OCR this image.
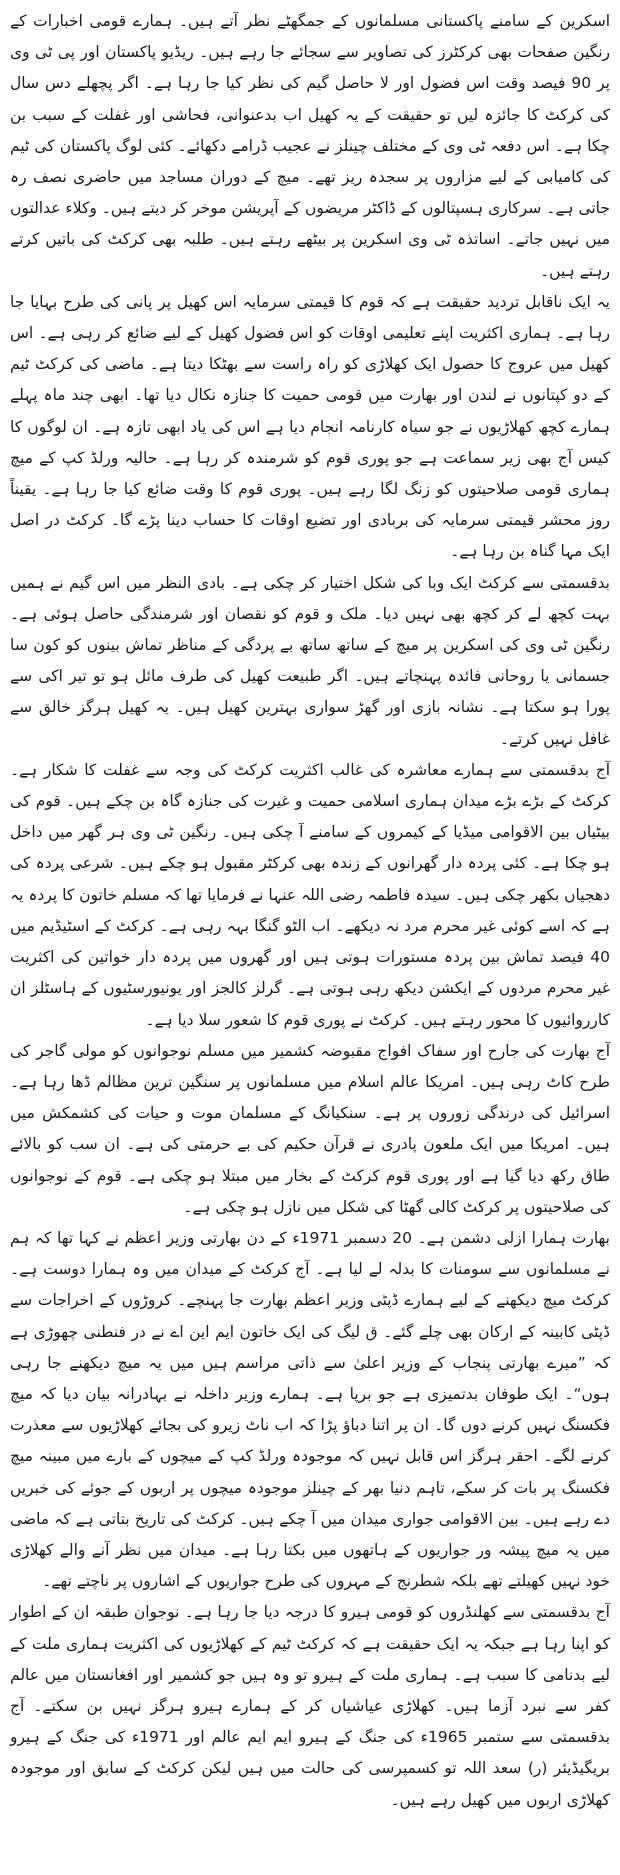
اسکرین کے سامنے پاکستانی مسلمانوں کے جمگھٹے نظر آتے ہیں۔ ہمارے قومی اخبارات کے رنگین صفحات بھی کرکٹرز کی تصاویر سے سجائے جا رہے ہیں۔ ریڈیو پاکستان اور پی ٹی وی پر 90 فیصد وقت اس فضول اور لا حاصل گیم کی نظر کیا جا رہا ہے۔ اگر پچھلے دس سال کی کرکٹ کا جائزہ لیں تو حقیقت کے یہ کھیل اب بدعنوانی، فحاشی اور غفلت کے سبب بن چکا ہے۔ اس دفعہ ٹی وی کے مختلف چینلز نے عجیب ڈرامے دکھائے۔ کئی لوگ پاکستان کی ٹیم کی کامیابی کے لیے مزاروں پر سجدہ ریز تھے۔ میچ کے دوران مساجد میں حاضری نصف رہ جاتی ہے۔ سرکاری ہسپتالوں کے ڈاکٹر مریضوں کے آپریشن موخر کر دیتے ہیں۔ وکلاء عدالتوں میں نہیں جاتے۔ اساتذہ ٹی وی اسکرین پر بیٹھے رہتے ہیں۔ طلبہ بھی کرکٹ کی باتیں کرتے رہتے ہیں۔

یہ ایک ناقابل تردید حقیقت ہے کہ قوم کا قیمتی سرمایہ اس کھیل پر پانی کی طرح بہایا جا رہا ہے۔ ہماری اکثریت اپنے تعلیمی اوقات کو اس فضول کھیل کے لیے ضائع کر رہی ہے۔ اس کھیل میں عروج کا حصول ایک کھلاڑی کو راہ راست سے بھٹکا دیتا ہے۔ ماضی کی کرکٹ ٹیم کے دو کپتانوں نے لندن اور بھارت میں قومی حمیت کا جنازہ نکال دیا تھا۔ ابھی چند ماہ پہلے ہمارے کچھ کھلاڑیوں نے جو سیاہ کارنامہ انجام دیا ہے اس کی یاد ابھی تازہ ہے۔ ان لوگوں کا کیس آج بھی زیر سماعت ہے جو پوری قوم کو شرمندہ کر رہا ہے۔ حالیہ ورلڈ کپ کے میچ ہماری قومی صلاحیتوں کو زنگ لگا رہے ہیں۔ پوری قوم کا وقت ضائع کیا جا رہا ہے۔ یقیناً روز محشر قیمتی سرمایہ کی بربادی اور تضیع اوقات کا حساب دینا پڑے گا۔ کرکٹ در اصل ایک مہا گناہ بن رہا ہے۔

بدقسمتی سے کرکٹ ایک وبا کی شکل اختیار کر چکی ہے۔ بادی النظر میں اس گیم نے ہمیں بہت کچھ لے کر کچھ بھی نہیں دیا۔ ملک و قوم کو نقصان اور شرمندگی حاصل ہوئی ہے۔ رنگین ٹی وی کی اسکرین پر میچ کے ساتھ ساتھ بے پردگی کے مناظر تماش بینوں کو کون سا جسمانی یا روحانی فائدہ پہنچاتے ہیں۔ اگر طبیعت کھیل کی طرف مائل ہو تو تیر اکی سے پورا ہو سکتا ہے۔ نشانہ بازی اور گھڑ سواری بہترین کھیل ہیں۔ یہ کھیل ہرگز خالق سے غافل نہیں کرتے۔

آج بدقسمتی سے ہمارے معاشرہ کی غالب اکثریت کرکٹ کی وجہ سے غفلت کا شکار ہے۔ کرکٹ کے بڑے بڑے میدان ہماری اسلامی حمیت و غیرت کی جنازہ گاہ بن چکے ہیں۔ قوم کی بیٹیاں بین الاقوامی میڈیا کے کیمروں کے سامنے آ چکی ہیں۔ رنگین ٹی وی ہر گھر میں داخل ہو چکا ہے۔ کئی پردہ دار گھرانوں کے زندہ بھی کرکٹر مقبول ہو چکے ہیں۔ شرعی پردہ کی دھجیاں بکھر چکی ہیں۔ سیدہ فاطمہ رضی اللہ عنہا نے فرمایا تھا کہ مسلم خاتون کا پردہ یہ ہے کہ اسے کوئی غیر محرم مرد نہ دیکھے۔ اب الٹو گنگا بہہ رہی ہے۔ کرکٹ کے اسٹیڈیم میں 40 فیصد تماش بین پردہ مستورات ہوتی ہیں اور گھروں میں پردہ دار خواتین کی اکثریت غیر محرم مردوں کے ایکشن دیکھ رہی ہوتی ہے۔ گرلز کالجز اور یونیورسٹیوں کے ہاسٹلز ان کارروائیوں کا محور رہتے ہیں۔ کرکٹ نے پوری قوم کا شعور سلا دیا ہے۔

آج بھارت کی جارح اور سفاک افواج مقبوضہ کشمیر میں مسلم نوجوانوں کو مولی گاجر کی طرح کاٹ رہی ہیں۔ امریکا عالم اسلام میں مسلمانوں پر سنگین ترین مظالم ڈھا رہا ہے۔ اسرائیل کی درندگی زوروں پر ہے۔ سنکیانگ کے مسلمان موت و حیات کی کشمکش میں ہیں۔ امریکا میں ایک ملعون پادری نے قرآن حکیم کی بے حرمتی کی ہے۔ ان سب کو بالائے طاق رکھ دیا گیا ہے اور پوری قوم کرکٹ کے بخار میں مبتلا ہو چکی ہے۔ قوم کے نوجوانوں کی صلاحیتوں پر کرکٹ کالی گھٹا کی شکل میں نازل ہو چکی ہے۔

بھارت ہمارا ازلی دشمن ہے۔ 20 دسمبر 1971ء کے دن بھارتی وزیر اعظم نے کہا تھا کہ ہم نے مسلمانوں سے سومنات کا بدلہ لے لیا ہے۔ آج کرکٹ کے میدان میں وہ ہمارا دوست ہے۔ کرکٹ میچ دیکھنے کے لیے ہمارے ڈپٹی وزیر اعظم بھارت جا پہنچے۔ کروڑوں کے اخراجات سے ڈپٹی کابینہ کے ارکان بھی چلے گئے۔ ق لیگ کی ایک خاتون ایم این اے نے در فنطنی چھوڑی ہے کہ ”میرے بھارتی پنجاب کے وزیر اعلیٰ سے ذاتی مراسم ہیں میں یہ میچ دیکھنے جا رہی ہوں“۔ ایک طوفان بدتمیزی ہے جو برپا ہے۔ ہمارے وزیر داخلہ نے بہادرانہ بیان دیا کہ میچ فکسنگ نہیں کرنے دوں گا۔ ان پر اتنا دباؤ پڑا کہ اب ناٹ زیرو کی بجائے کھلاڑیوں سے معذرت کرنے لگے۔ احقر ہرگز اس قابل نہیں کہ موجودہ ورلڈ کپ کے میچوں کے بارے میں مبینہ میچ فکسنگ پر بات کر سکے، تاہم دنیا بھر کے چینلز موجودہ میچوں پر اربوں کے جوئے کی خبریں دے رہے ہیں۔ بین الاقوامی جواری میدان میں آ چکے ہیں۔ کرکٹ کی تاریخ بتاتی ہے کہ ماضی میں یہ میچ پیشہ ور جواریوں کے ہاتھوں میں بکتا رہا ہے۔ میدان میں نظر آنے والے کھلاڑی خود نہیں کھیلتے تھے بلکہ شطرنج کے مہروں کی طرح جواریوں کے اشاروں پر ناچتے تھے۔

آج بدقسمتی سے کھلنڈروں کو قومی ہیرو کا درجہ دیا جا رہا ہے۔ نوجوان طبقہ ان کے اطوار کو اپنا رہا ہے جبکہ یہ ایک حقیقت ہے کہ کرکٹ ٹیم کے کھلاڑیوں کی اکثریت ہماری ملت کے لیے بدنامی کا سبب ہے۔ ہماری ملت کے ہیرو تو وہ ہیں جو کشمیر اور افغانستان میں عالم کفر سے نبرد آزما ہیں۔ کھلاڑی عیاشیاں کر کے ہمارے ہیرو ہرگز نہیں بن سکتے۔ آج بدقسمتی سے ستمبر 1965ء کی جنگ کے ہیرو ایم ایم عالم اور 1971ء کی جنگ کے ہیرو بریگیڈیئر (ر) سعد اللہ تو کسمپرسی کی حالت میں ہیں لیکن کرکٹ کے سابق اور موجودہ کھلاڑی اربوں میں کھیل رہے ہیں۔
